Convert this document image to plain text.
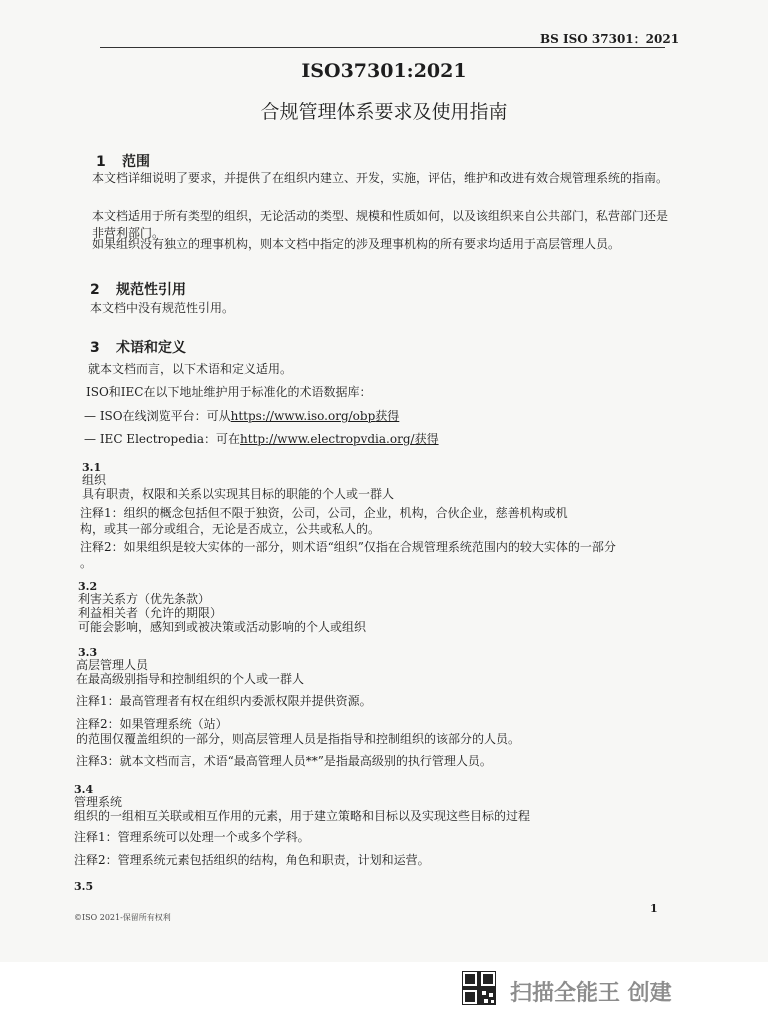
BS ISO 37301：2021
ISO37301:2021
合规管理体系要求及使用指南
1 范围
本文档详细说明了要求，并提供了在组织内建立、开发，实施，评估，维护和改进有效合规管理系统的指南。
本文档适用于所有类型的组织，无论活动的类型、规模和性质如何，以及该组织来自公共部门，私营部门还是非营利部门。
如果组织没有独立的理事机构，则本文档中指定的涉及理事机构的所有要求均适用于高层管理人员。
2 规范性引用
本文档中没有规范性引用。
3 术语和定义
就本文档而言，以下术语和定义适用。
ISO和IEC在以下地址维护用于标准化的术语数据库：
— ISO在线浏览平台：可从https://www.iso.org/obp获得
— IEC Electropedia：可在http://www.electropvdia.org/获得
3.1
组织
具有职责，权限和关系以实现其目标的职能的个人或一群人
注释1：组织的概念包括但不限于独资，公司，公司，企业，机构，合伙企业，慈善机构或机
构，或其一部分或组合，无论是否成立，公共或私人的。
注释2：如果组织是较大实体的一部分，则术语“组织”仅指在合规管理系统范围内的较大实体的一部分
。
3.2
利害关系方（优先条款）
利益相关者（允许的期限）
可能会影响，感知到或被决策或活动影响的个人或组织
3.3
高层管理人员
在最高级别指导和控制组织的个人或一群人
注释1：最高管理者有权在组织内委派权限并提供资源。
注释2：如果管理系统（站）
的范围仅覆盖组织的一部分，则高层管理人员是指指导和控制组织的该部分的人员。
注释3：就本文档而言，术语“最高管理人员**”是指最高级别的执行管理人员。
3.4
管理系统
组织的一组相互关联或相互作用的元素，用于建立策略和目标以及实现这些目标的过程
注释1：管理系统可以处理一个或多个学科。
注释2：管理系统元素包括组织的结构，角色和职责，计划和运营。
3.5
©ISO 2021-保留所有权利
1
扫描全能王 创建
